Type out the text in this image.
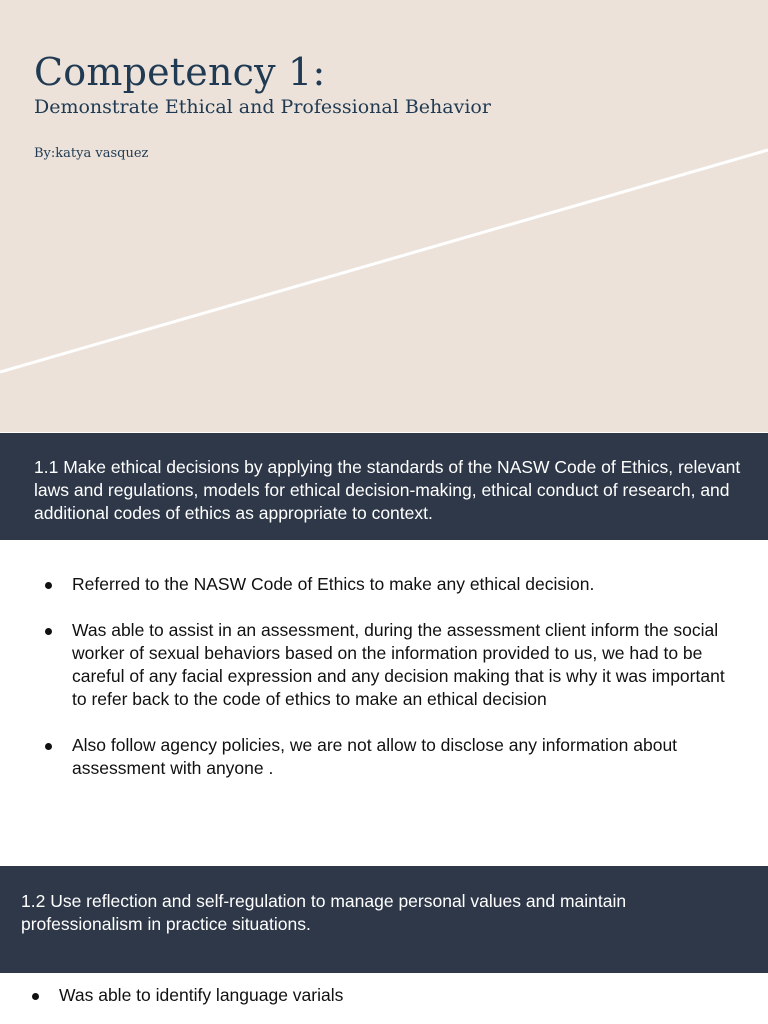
Competency 1:
Demonstrate Ethical and Professional Behavior

By:katya vasquez

1.1 Make ethical decisions by applying the standards of the NASW Code of Ethics, relevant laws and regulations, models for ethical decision-making, ethical conduct of research, and additional codes of ethics as appropriate to context.

Referred to the NASW Code of Ethics to make any ethical decision.
Was able to assist in an assessment, during the assessment client inform the social worker of sexual behaviors based on the information provided to us, we had to be careful of any facial expression and any decision making that is why it was important to refer back to the code of ethics to make an ethical decision
Also follow agency policies, we are not allow to disclose any information about assessment with anyone .

1.2 Use reflection and self-regulation to manage personal values and maintain professionalism in practice situations.

Was able to identify language varials
